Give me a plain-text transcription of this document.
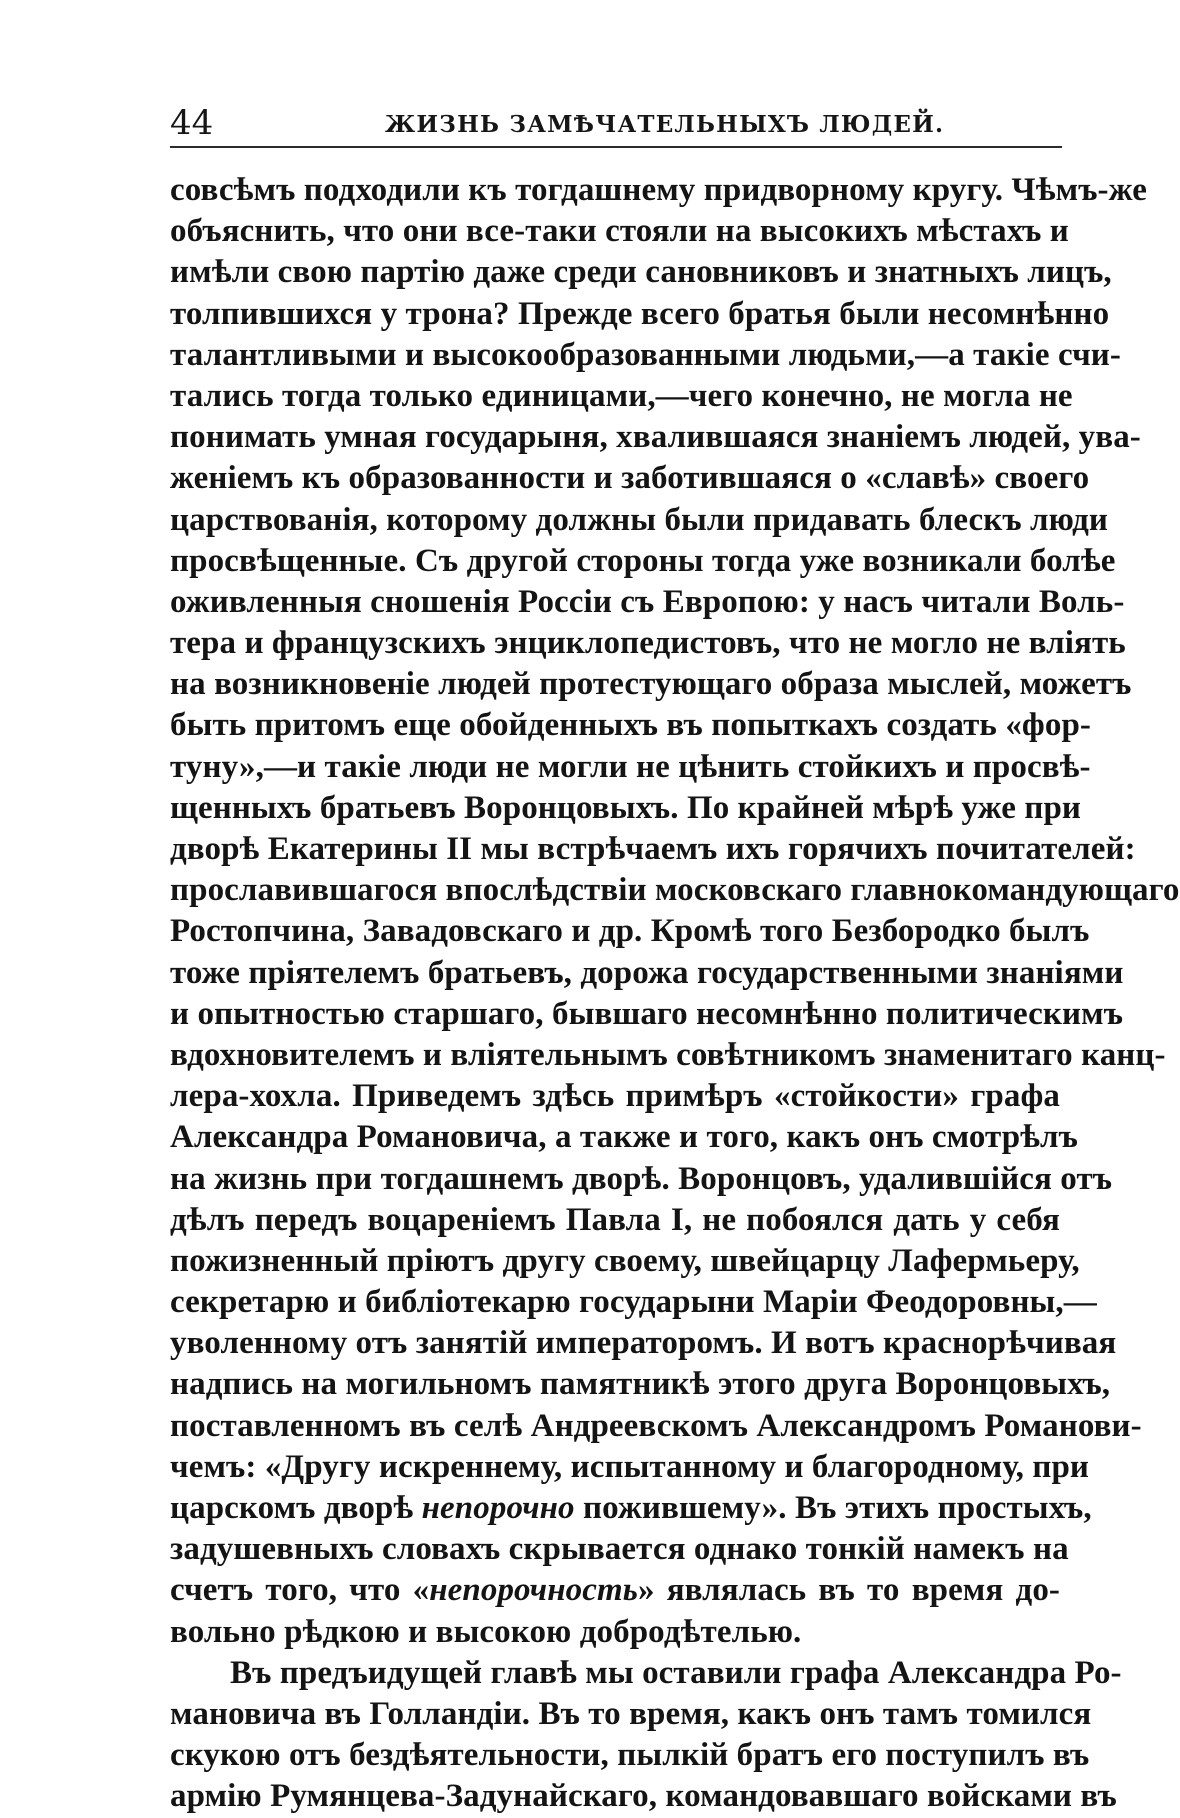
44	ЖИЗНЬ ЗАМѢЧАТЕЛЬНЫХЪ ЛЮДЕЙ.
совсѣмъ подходили къ тогдашнему придворному кругу. Чѣмъ-же
объяснить, что они все-таки стояли на высокихъ мѣстахъ и
имѣли свою партію даже среди сановниковъ и знатныхъ лицъ,
толпившихся у трона? Прежде всего братья были несомнѣнно
талантливыми и высокообразованными людьми,—а такіе счи-
тались тогда только единицами,—чего конечно, не могла не
понимать умная государыня, хвалившаяся знаніемъ людей, ува-
женіемъ къ образованности и заботившаяся о «славѣ» своего
царствованія, которому должны были придавать блескъ люди
просвѣщенные. Съ другой стороны тогда уже возникали болѣе
оживленныя сношенія Россіи съ Европою: у насъ читали Воль-
тера и французскихъ энциклопедистовъ, что не могло не вліять
на возникновеніе людей протестующаго образа мыслей, можетъ
быть притомъ еще обойденныхъ въ попыткахъ создать «фор-
туну»,—и такіе люди не могли не цѣнить стойкихъ и просвѣ-
щенныхъ братьевъ Воронцовыхъ. По крайней мѣрѣ уже при
дворѣ Екатерины II мы встрѣчаемъ ихъ горячихъ почитателей:
прославившагося впослѣдствіи московскаго главнокомандующаго
Ростопчина, Завадовскаго и др. Кромѣ того Безбородко былъ
тоже пріятелемъ братьевъ, дорожа государственными знаніями
и опытностью старшаго, бывшаго несомнѣнно политическимъ
вдохновителемъ и вліятельнымъ совѣтникомъ знаменитаго канц-
лера-хохла. Приведемъ здѣсь примѣръ «стойкости» графа
Александра Романовича, а также и того, какъ онъ смотрѣлъ
на жизнь при тогдашнемъ дворѣ. Воронцовъ, удалившійся отъ
дѣлъ передъ воцареніемъ Павла I, не побоялся дать у себя
пожизненный пріютъ другу своему, швейцарцу Лафермьеру,
секретарю и библіотекарю государыни Маріи Феодоровны,—
уволенному отъ занятій императоромъ. И вотъ краснорѣчивая
надпись на могильномъ памятникѣ этого друга Воронцовыхъ,
поставленномъ въ селѣ Андреевскомъ Александромъ Романови-
чемъ: «Другу искреннему, испытанному и благородному, при
царскомъ дворѣ непорочно пожившему». Въ этихъ простыхъ,
задушевныхъ словахъ скрывается однако тонкій намекъ на
счетъ того, что «непорочность» являлась въ то время до-
вольно рѣдкою и высокою добродѣтелью.
Въ предъидущей главѣ мы оставили графа Александра Ро-
мановича въ Голландіи. Въ то время, какъ онъ тамъ томился
скукою отъ бездѣятельности, пылкій братъ его поступилъ въ
армію Румянцева-Задунайскаго, командовавшаго войсками въ
